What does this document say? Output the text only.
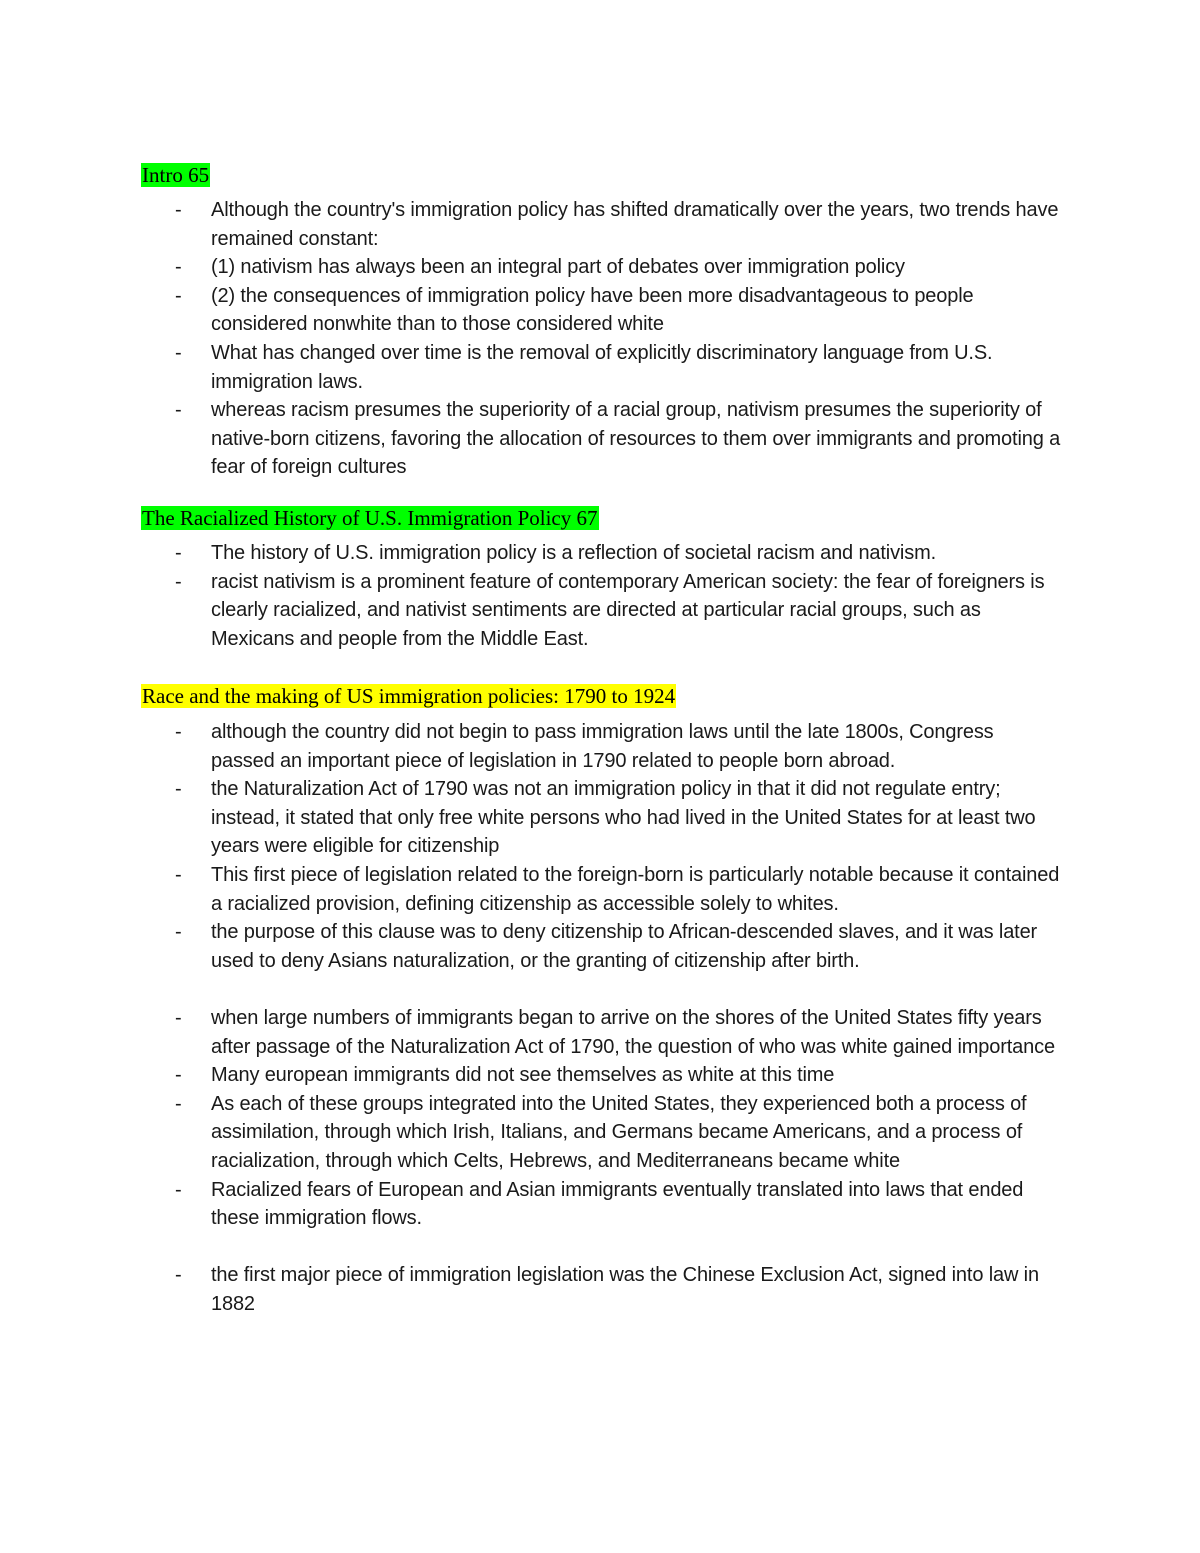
Intro 65
- Although the country's immigration policy has shifted dramatically over the years, two trends have remained constant:
- (1) nativism has always been an integral part of debates over immigration policy
- (2) the consequences of immigration policy have been more disadvantageous to people considered nonwhite than to those considered white
- What has changed over time is the removal of explicitly discriminatory language from U.S. immigration laws.
- whereas racism presumes the superiority of a racial group, nativism presumes the superiority of native-born citizens, favoring the allocation of resources to them over immigrants and promoting a fear of foreign cultures
The Racialized History of U.S. Immigration Policy 67
- The history of U.S. immigration policy is a reflection of societal racism and nativism.
- racist nativism is a prominent feature of contemporary American society: the fear of foreigners is clearly racialized, and nativist sentiments are directed at particular racial groups, such as Mexicans and people from the Middle East.
Race and the making of US immigration policies: 1790 to 1924
- although the country did not begin to pass immigration laws until the late 1800s, Congress passed an important piece of legislation in 1790 related to people born abroad.
- the Naturalization Act of 1790 was not an immigration policy in that it did not regulate entry; instead, it stated that only free white persons who had lived in the United States for at least two years were eligible for citizenship
- This first piece of legislation related to the foreign-born is particularly notable because it contained a racialized provision, defining citizenship as accessible solely to whites.
- the purpose of this clause was to deny citizenship to African-descended slaves, and it was later used to deny Asians naturalization, or the granting of citizenship after birth.
- when large numbers of immigrants began to arrive on the shores of the United States fifty years after passage of the Naturalization Act of 1790, the question of who was white gained importance
- Many european immigrants did not see themselves as white at this time
- As each of these groups integrated into the United States, they experienced both a process of assimilation, through which Irish, Italians, and Germans became Americans, and a process of racialization, through which Celts, Hebrews, and Mediterraneans became white
- Racialized fears of European and Asian immigrants eventually translated into laws that ended these immigration flows.
- the first major piece of immigration legislation was the Chinese Exclusion Act, signed into law in 1882
